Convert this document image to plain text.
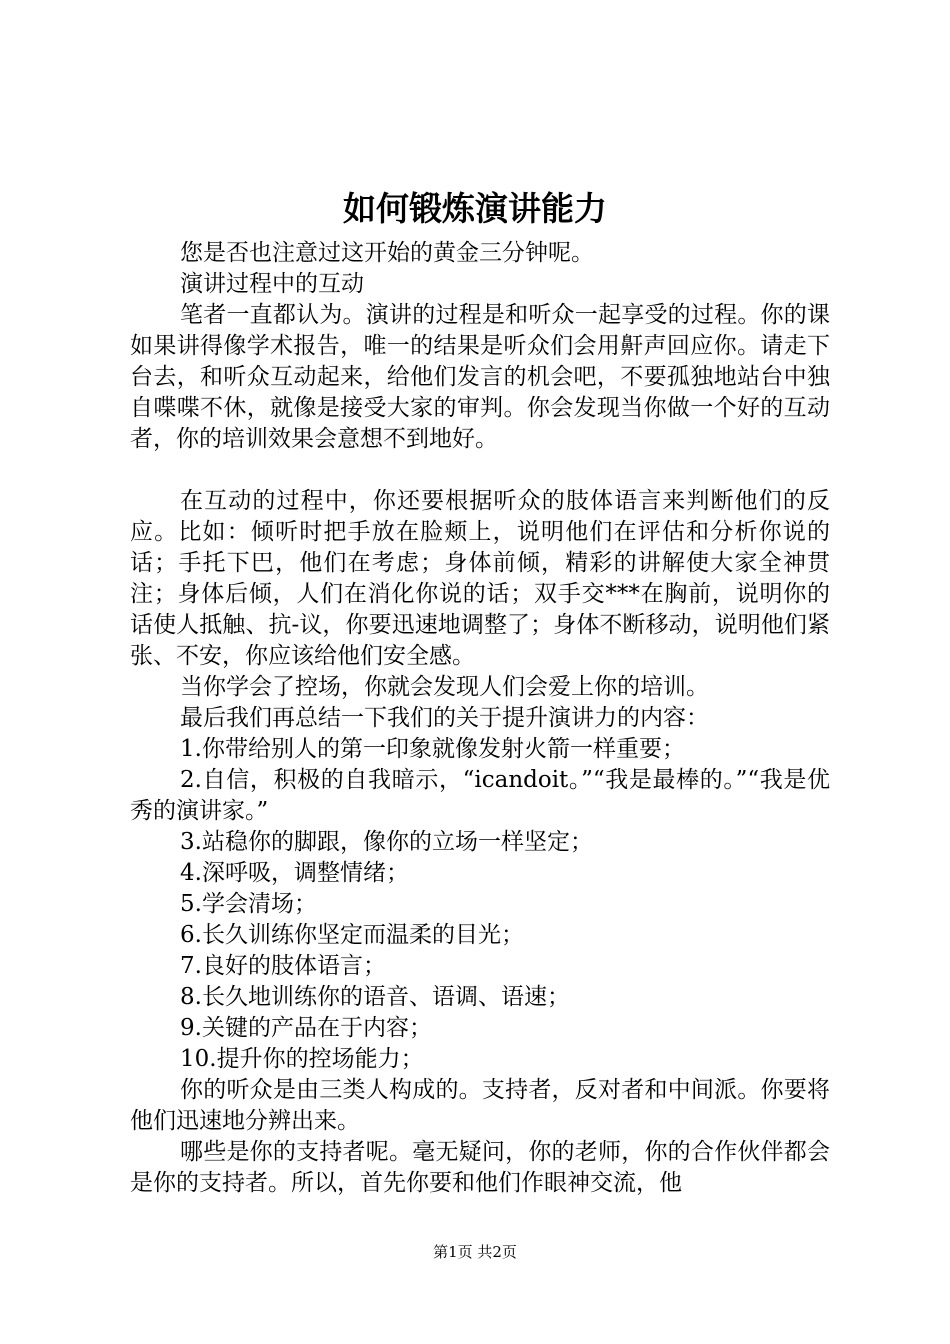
如何锻炼演讲能力

您是否也注意过这开始的黄金三分钟呢。

演讲过程中的互动

笔者一直都认为。演讲的过程是和听众一起享受的过程。你的课如果讲得像学术报告，唯一的结果是听众们会用鼾声回应你。请走下台去，和听众互动起来，给他们发言的机会吧，不要孤独地站台中独自喋喋不休，就像是接受大家的审判。你会发现当你做一个好的互动者，你的培训效果会意想不到地好。

在互动的过程中，你还要根据听众的肢体语言来判断他们的反应。比如：倾听时把手放在脸颊上，说明他们在评估和分析你说的话；手托下巴，他们在考虑；身体前倾，精彩的讲解使大家全神贯注；身体后倾，人们在消化你说的话；双手交***在胸前，说明你的话使人抵触、抗-议，你要迅速地调整了；身体不断移动，说明他们紧张、不安，你应该给他们安全感。

当你学会了控场，你就会发现人们会爱上你的培训。

最后我们再总结一下我们的关于提升演讲力的内容：

1.你带给别人的第一印象就像发射火箭一样重要；

2.自信，积极的自我暗示，“icandoit。”“我是最棒的。”“我是优秀的演讲家。”

3.站稳你的脚跟，像你的立场一样坚定；

4.深呼吸，调整情绪；

5.学会清场；

6.长久训练你坚定而温柔的目光；

7.良好的肢体语言；

8.长久地训练你的语音、语调、语速；

9.关键的产品在于内容；

10.提升你的控场能力；

你的听众是由三类人构成的。支持者，反对者和中间派。你要将他们迅速地分辨出来。

哪些是你的支持者呢。毫无疑问，你的老师，你的合作伙伴都会是你的支持者。所以，首先你要和他们作眼神交流，他

第1页 共2页
